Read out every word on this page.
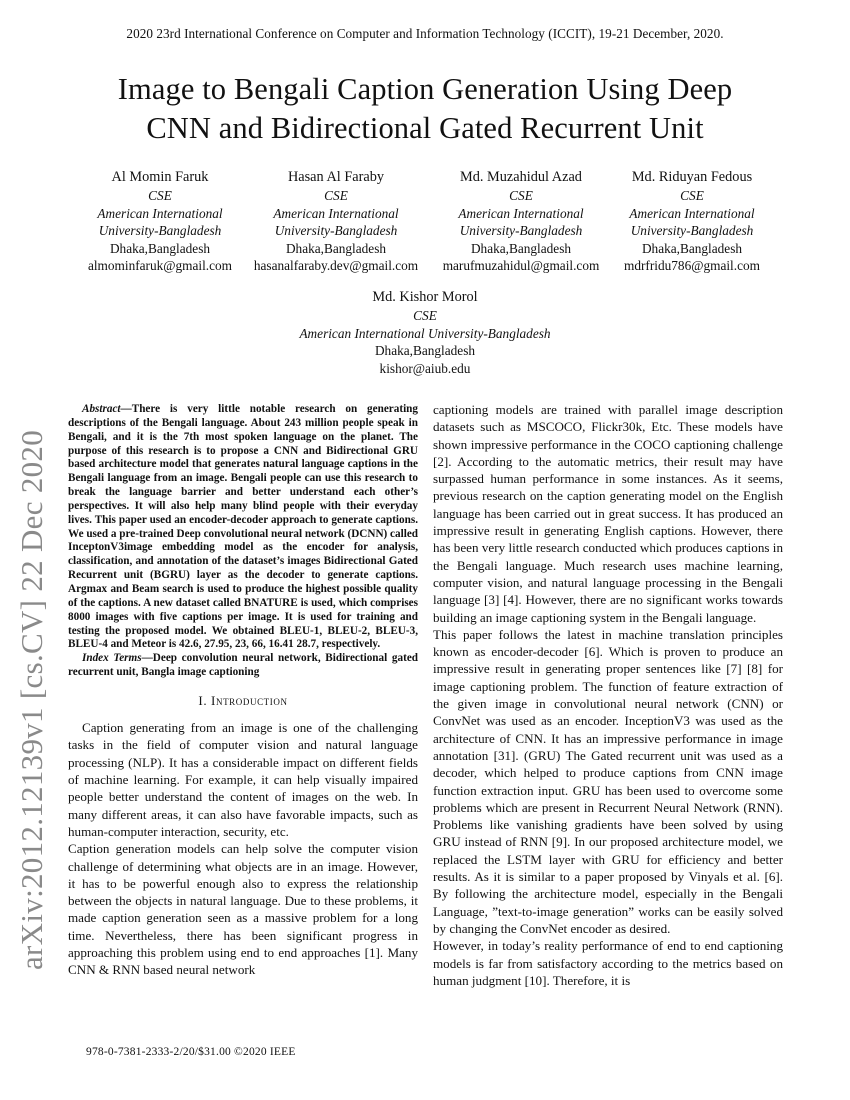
2020 23rd International Conference on Computer and Information Technology (ICCIT), 19-21 December, 2020.
Image to Bengali Caption Generation Using Deep
CNN and Bidirectional Gated Recurrent Unit
Al Momin Faruk
CSE
American International
University-Bangladesh
Dhaka,Bangladesh
almominfaruk@gmail.com
Hasan Al Faraby
CSE
American International
University-Bangladesh
Dhaka,Bangladesh
hasanalfaraby.dev@gmail.com
Md. Muzahidul Azad
CSE
American International
University-Bangladesh
Dhaka,Bangladesh
marufmuzahidul@gmail.com
Md. Riduyan Fedous
CSE
American International
University-Bangladesh
Dhaka,Bangladesh
mdrfridu786@gmail.com
Md. Kishor Morol
CSE
American International University-Bangladesh
Dhaka,Bangladesh
kishor@aiub.edu
arXiv:2012.12139v1 [cs.CV] 22 Dec 2020

Abstract—There is very little notable research on generating descriptions of the Bengali language. About 243 million people speak in Bengali, and it is the 7th most spoken language on the planet. The purpose of this research is to propose a CNN and Bidirectional GRU based architecture model that generates natural language captions in the Bengali language from an image. Bengali people can use this research to break the language barrier and better understand each other’s perspectives. It will also help many blind people with their everyday lives. This paper used an encoder-decoder approach to generate captions. We used a pre-trained Deep convolutional neural network (DCNN) called InceptonV3image embedding model as the encoder for analysis, classification, and annotation of the dataset’s images Bidirectional Gated Recurrent unit (BGRU) layer as the decoder to generate captions. Argmax and Beam search is used to produce the highest possible quality of the captions. A new dataset called BNATURE is used, which comprises 8000 images with five captions per image. It is used for training and testing the proposed model. We obtained BLEU-1, BLEU-2, BLEU-3, BLEU-4 and Meteor is 42.6, 27.95, 23, 66, 16.41 28.7, respectively.

Index Terms—Deep convolution neural network, Bidirectional gated recurrent unit, Bangla image captioning

I. Introduction

Caption generating from an image is one of the challenging tasks in the field of computer vision and natural language processing (NLP). It has a considerable impact on different fields of machine learning. For example, it can help visually impaired people better understand the content of images on the web. In many different areas, it can also have favorable impacts, such as human-computer interaction, security, etc.

Caption generation models can help solve the computer vision challenge of determining what objects are in an image. However, it has to be powerful enough also to express the relationship between the objects in natural language. Due to these problems, it made caption generation seen as a massive problem for a long time. Nevertheless, there has been significant progress in approaching this problem using end to end approaches [1]. Many CNN & RNN based neural network

captioning models are trained with parallel image description datasets such as MSCOCO, Flickr30k, Etc. These models have shown impressive performance in the COCO captioning challenge [2]. According to the automatic metrics, their result may have surpassed human performance in some instances. As it seems, previous research on the caption generating model on the English language has been carried out in great success. It has produced an impressive result in generating English captions. However, there has been very little research conducted which produces captions in the Bengali language. Much research uses machine learning, computer vision, and natural language processing in the Bengali language [3] [4]. However, there are no significant works towards building an image captioning system in the Bengali language.

This paper follows the latest in machine translation principles known as encoder-decoder [6]. Which is proven to produce an impressive result in generating proper sentences like [7] [8] for image captioning problem. The function of feature extraction of the given image in convolutional neural network (CNN) or ConvNet was used as an encoder. InceptionV3 was used as the architecture of CNN. It has an impressive performance in image annotation [31]. (GRU) The Gated recurrent unit was used as a decoder, which helped to produce captions from CNN image function extraction input. GRU has been used to overcome some problems which are present in Recurrent Neural Network (RNN). Problems like vanishing gradients have been solved by using GRU instead of RNN [9]. In our proposed architecture model, we replaced the LSTM layer with GRU for efficiency and better results. As it is similar to a paper proposed by Vinyals et al. [6]. By following the architecture model, especially in the Bengali Language, ”text-to-image generation” works can be easily solved by changing the ConvNet encoder as desired.

However, in today’s reality performance of end to end captioning models is far from satisfactory according to the metrics based on human judgment [10]. Therefore, it is

978-0-7381-2333-2/20/$31.00 ©2020 IEEE
